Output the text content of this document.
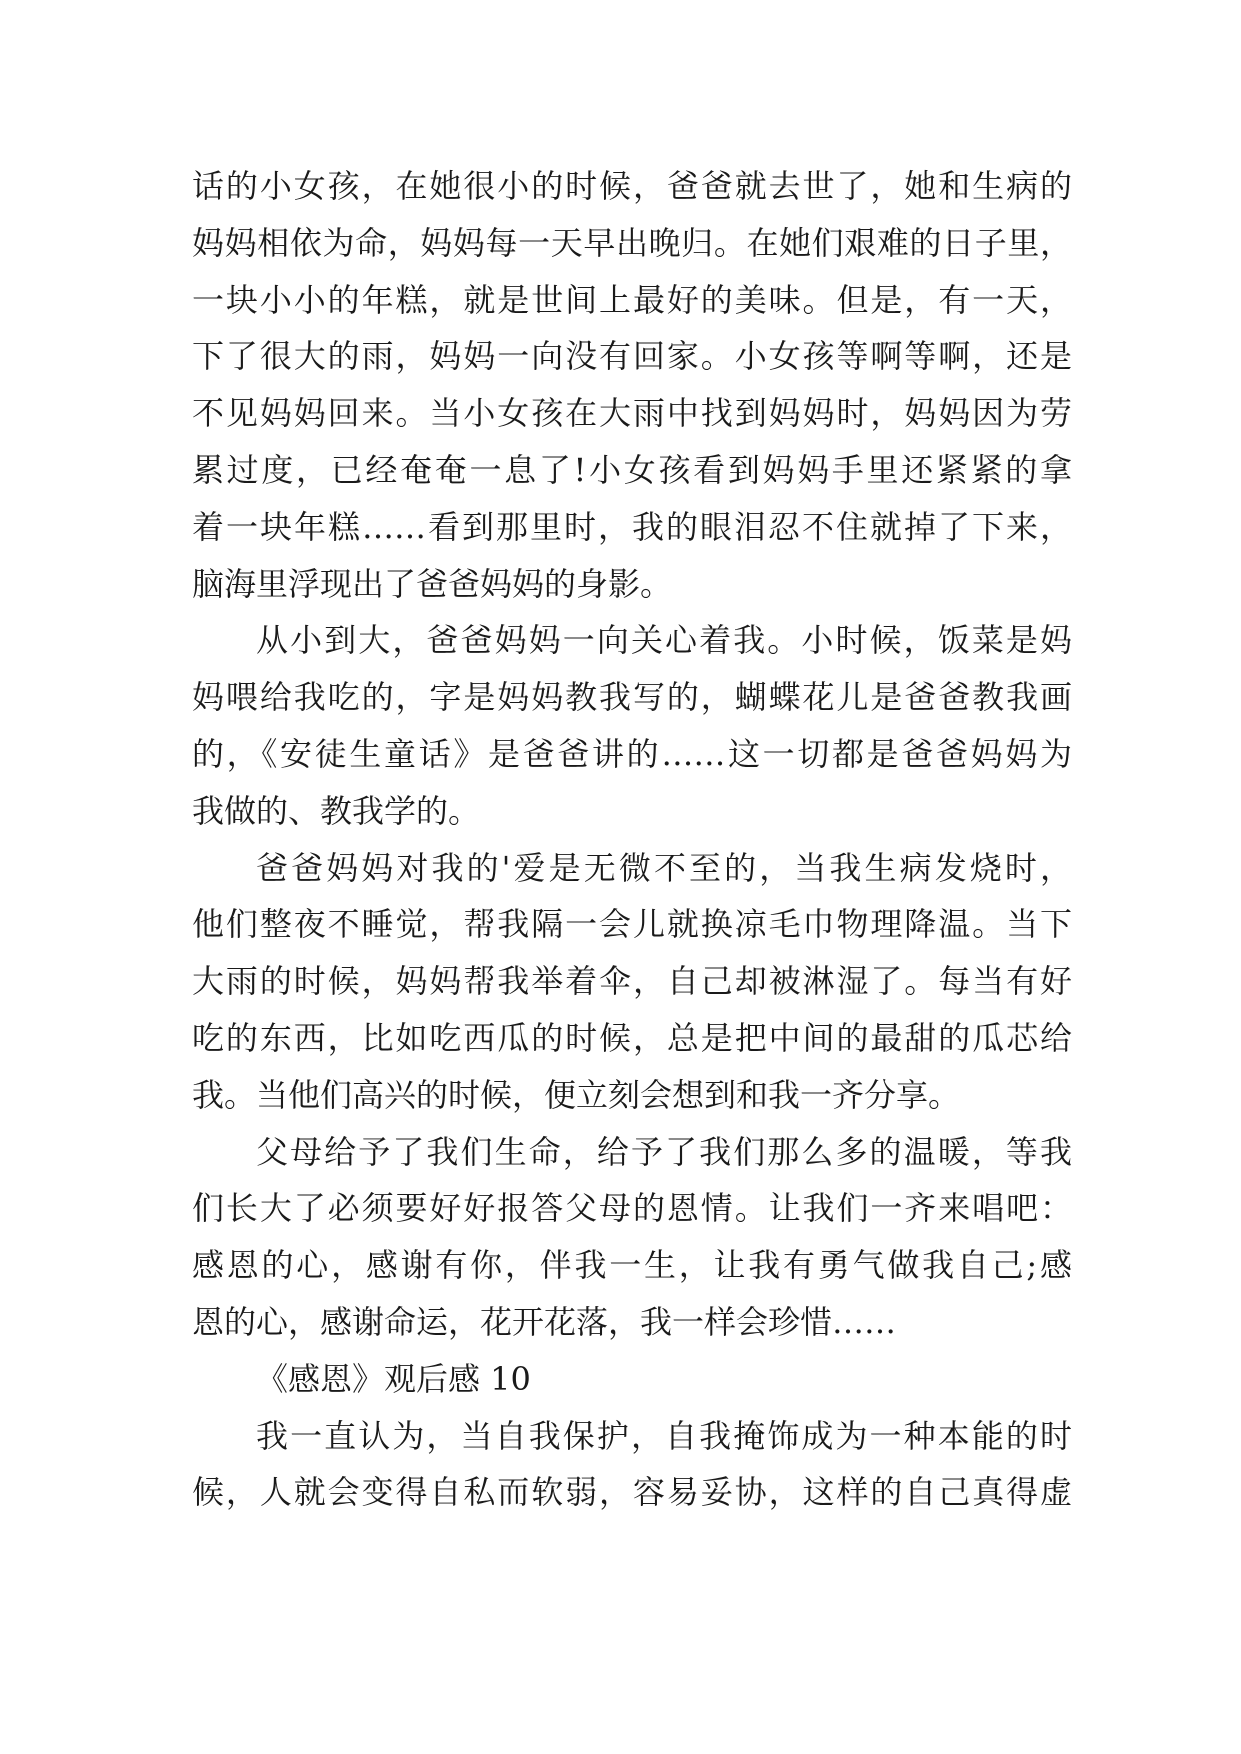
话的小女孩，在她很小的时候，爸爸就去世了，她和生病的
妈妈相依为命，妈妈每一天早出晚归。在她们艰难的日子里，
一块小小的年糕，就是世间上最好的美味。但是，有一天，
下了很大的雨，妈妈一向没有回家。小女孩等啊等啊，还是
不见妈妈回来。当小女孩在大雨中找到妈妈时，妈妈因为劳
累过度，已经奄奄一息了!小女孩看到妈妈手里还紧紧的拿
着一块年糕……看到那里时，我的眼泪忍不住就掉了下来，
脑海里浮现出了爸爸妈妈的身影。
从小到大，爸爸妈妈一向关心着我。小时候，饭菜是妈
妈喂给我吃的，字是妈妈教我写的，蝴蝶花儿是爸爸教我画
的，《安徒生童话》是爸爸讲的……这一切都是爸爸妈妈为
我做的、教我学的。
爸爸妈妈对我的'爱是无微不至的，当我生病发烧时，
他们整夜不睡觉，帮我隔一会儿就换凉毛巾物理降温。当下
大雨的时候，妈妈帮我举着伞，自己却被淋湿了。每当有好
吃的东西，比如吃西瓜的时候，总是把中间的最甜的瓜芯给
我。当他们高兴的时候，便立刻会想到和我一齐分享。
父母给予了我们生命，给予了我们那么多的温暖，等我
们长大了必须要好好报答父母的恩情。让我们一齐来唱吧：
感恩的心，感谢有你，伴我一生，让我有勇气做我自己;感
恩的心，感谢命运，花开花落，我一样会珍惜……
《感恩》观后感 10
我一直认为，当自我保护，自我掩饰成为一种本能的时
候，人就会变得自私而软弱，容易妥协，这样的自己真得虚
